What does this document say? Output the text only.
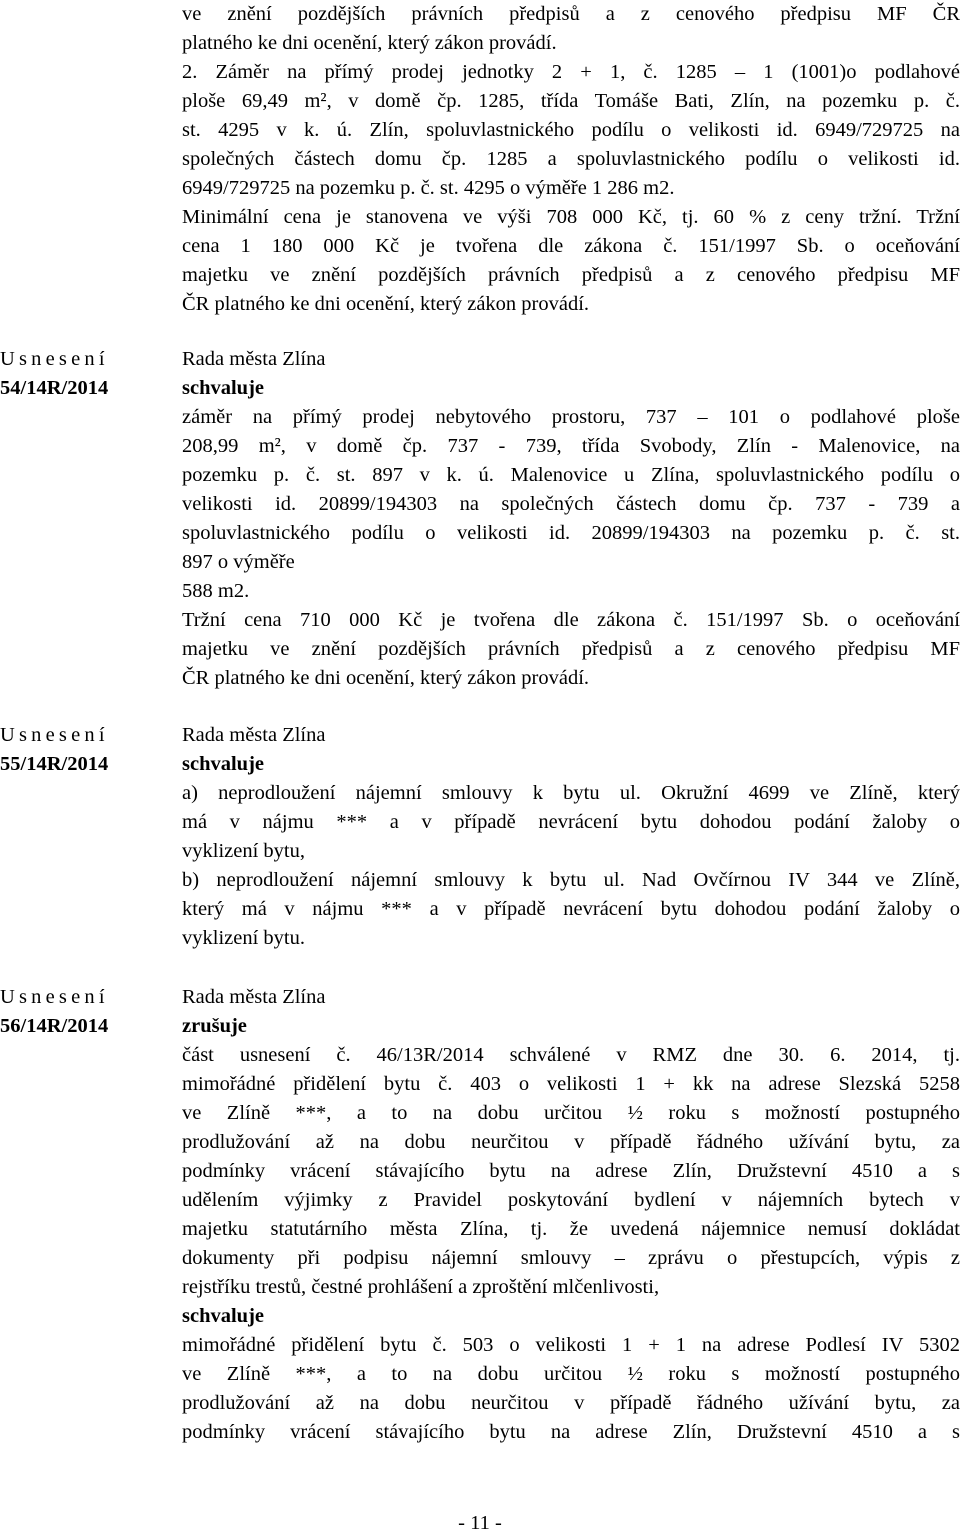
ve znění pozdějších právních předpisů a z cenového předpisu MF ČR
platného ke dni ocenění, který zákon provádí.
2. Záměr na přímý prodej jednotky 2 + 1, č. 1285 – 1 (1001)o podlahové
ploše 69,49 m², v domě čp. 1285, třída Tomáše Bati, Zlín, na pozemku p. č.
st. 4295 v k. ú. Zlín, spoluvlastnického podílu o velikosti id. 6949/729725 na
společných částech domu čp. 1285 a spoluvlastnického podílu o velikosti id.
6949/729725 na pozemku p. č. st. 4295 o výměře 1 286 m2.
Minimální cena je stanovena ve výši 708 000 Kč, tj. 60 % z ceny tržní. Tržní
cena 1 180 000 Kč je tvořena dle zákona č. 151/1997 Sb. o oceňování
majetku ve znění pozdějších právních předpisů a z cenového předpisu MF
ČR platného ke dni ocenění, který zákon provádí.
Usnesení
54/14R/2014
Rada města Zlína
schvaluje
záměr na přímý prodej nebytového prostoru, 737 – 101 o podlahové ploše
208,99 m², v domě čp. 737 - 739, třída Svobody, Zlín - Malenovice, na
pozemku p. č. st. 897 v k. ú. Malenovice u Zlína, spoluvlastnického podílu o
velikosti id. 20899/194303 na společných částech domu čp. 737 - 739 a
spoluvlastnického podílu o velikosti id. 20899/194303 na pozemku p. č. st.
897 o výměře
588 m2.
Tržní cena 710 000 Kč je tvořena dle zákona č. 151/1997 Sb. o oceňování
majetku ve znění pozdějších právních předpisů a z cenového předpisu MF
ČR platného ke dni ocenění, který zákon provádí.
Usnesení
55/14R/2014
Rada města Zlína
schvaluje
a) neprodloužení nájemní smlouvy k bytu ul. Okružní 4699 ve Zlíně, který
má v nájmu *** a v případě nevrácení bytu dohodou podání žaloby o
vyklizení bytu,
b) neprodloužení nájemní smlouvy k bytu ul. Nad Ovčírnou IV 344 ve Zlíně,
který má v nájmu *** a v případě nevrácení bytu dohodou podání žaloby o
vyklizení bytu.
Usnesení
56/14R/2014
Rada města Zlína
zrušuje
část usnesení č. 46/13R/2014 schválené v RMZ dne 30. 6. 2014, tj.
mimořádné přidělení bytu č. 403 o velikosti 1 + kk na adrese Slezská 5258
ve Zlíně ***, a to na dobu určitou ½ roku s možností postupného
prodlužování až na dobu neurčitou v případě řádného užívání bytu, za
podmínky vrácení stávajícího bytu na adrese Zlín, Družstevní 4510 a s
udělením výjimky z Pravidel poskytování bydlení v nájemních bytech v
majetku statutárního města Zlína, tj. že uvedená nájemnice nemusí dokládat
dokumenty při podpisu nájemní smlouvy – zprávu o přestupcích, výpis z
rejstříku trestů, čestné prohlášení a zproštění mlčenlivosti,
schvaluje
mimořádné přidělení bytu č. 503 o velikosti 1 + 1 na adrese Podlesí IV 5302
ve Zlíně ***, a to na dobu určitou ½ roku s možností postupného
prodlužování až na dobu neurčitou v případě řádného užívání bytu, za
podmínky vrácení stávajícího bytu na adrese Zlín, Družstevní 4510 a s
- 11 -
